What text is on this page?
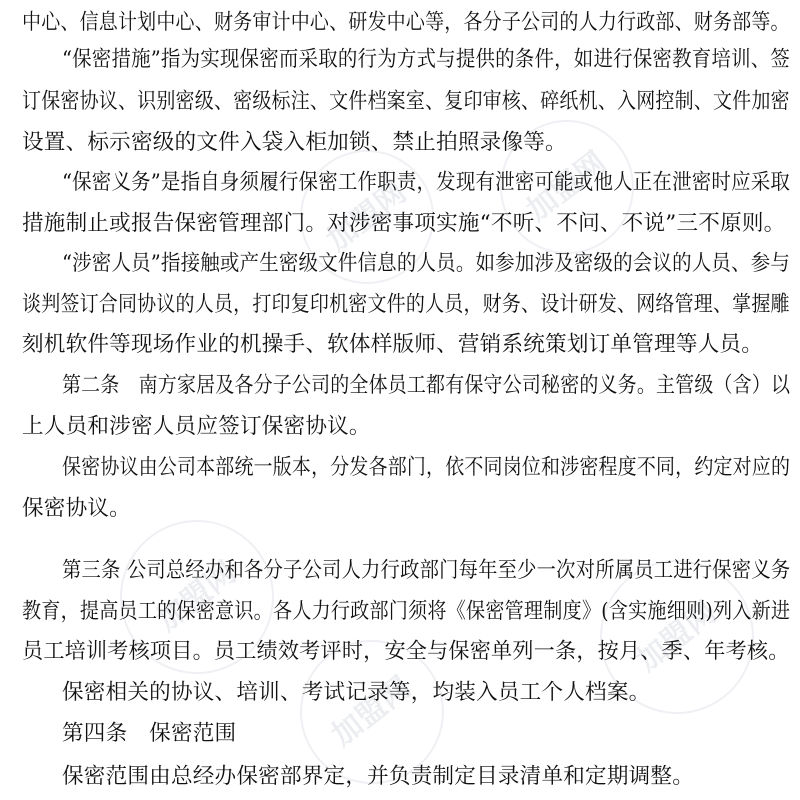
加盟网	加盟网
加盟网
加盟网
加盟网
中心、信息计划中心、财务审计中心、研发中心等，各分子公司的人力行政部、财务部等。
“保密措施”指为实现保密而采取的行为方式与提供的条件，如进行保密教育培训、签
订保密协议、识别密级、密级标注、文件档案室、复印审核、碎纸机、入网控制、文件加密
设置、标示密级的文件入袋入柜加锁、禁止拍照录像等。
“保密义务”是指自身须履行保密工作职责，发现有泄密可能或他人正在泄密时应采取
措施制止或报告保密管理部门。对涉密事项实施“不听、不问、不说”三不原则。
“涉密人员”指接触或产生密级文件信息的人员。如参加涉及密级的会议的人员、参与
谈判签订合同协议的人员，打印复印机密文件的人员，财务、设计研发、网络管理、掌握雕
刻机软件等现场作业的机操手、软体样版师、营销系统策划订单管理等人员。
第二条　南方家居及各分子公司的全体员工都有保守公司秘密的义务。主管级（含）以
上人员和涉密人员应签订保密协议。
保密协议由公司本部统一版本，分发各部门，依不同岗位和涉密程度不同，约定对应的
保密协议。
第三条 公司总经办和各分子公司人力行政部门每年至少一次对所属员工进行保密义务
教育，提高员工的保密意识。各人力行政部门须将《保密管理制度》(含实施细则)列入新进
员工培训考核项目。员工绩效考评时，安全与保密单列一条，按月、季、年考核。
保密相关的协议、培训、考试记录等，均装入员工个人档案。
第四条　保密范围
保密范围由总经办保密部界定，并负责制定目录清单和定期调整。
